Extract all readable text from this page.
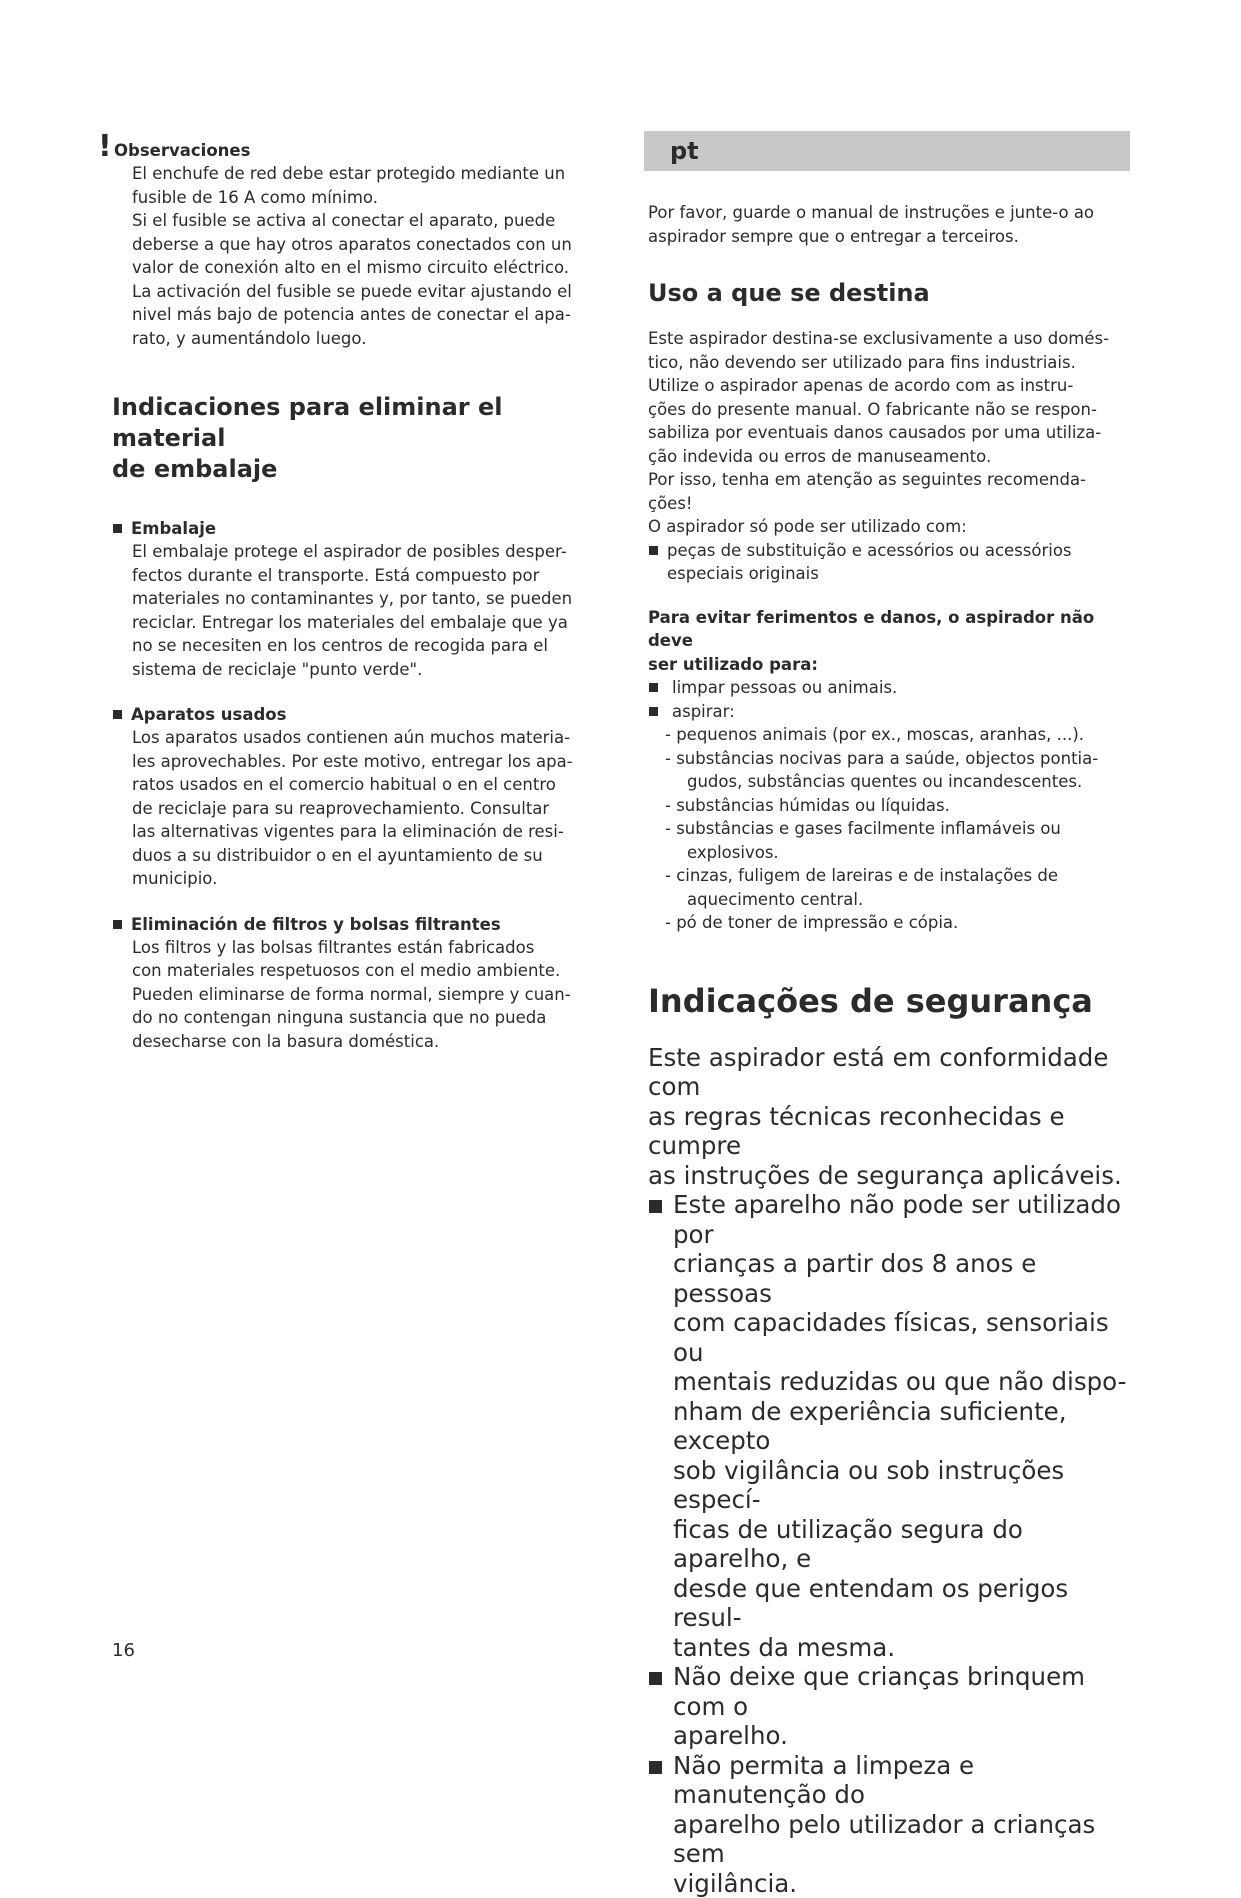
! Observaciones
El enchufe de red debe estar protegido mediante un
fusible de 16 A como mínimo.
Si el fusible se activa al conectar el aparato, puede
deberse a que hay otros aparatos conectados con un
valor de conexión alto en el mismo circuito eléctrico.
La activación del fusible se puede evitar ajustando el
nivel más bajo de potencia antes de conectar el apa-
rato, y aumentándolo luego.
Indicaciones para eliminar el material
de embalaje
Embalaje
El embalaje protege el aspirador de posibles desper-
fectos durante el transporte. Está compuesto por
materiales no contaminantes y, por tanto, se pueden
reciclar. Entregar los materiales del embalaje que ya
no se necesiten en los centros de recogida para el
sistema de reciclaje "punto verde".
Aparatos usados
Los aparatos usados contienen aún muchos materia-
les aprovechables. Por este motivo, entregar los apa-
ratos usados en el comercio habitual o en el centro
de reciclaje para su reaprovechamiento. Consultar
las alternativas vigentes para la eliminación de resi-
duos a su distribuidor o en el ayuntamiento de su
municipio.
Eliminación de filtros y bolsas filtrantes
Los filtros y las bolsas filtrantes están fabricados
con materiales respetuosos con el medio ambiente.
Pueden eliminarse de forma normal, siempre y cuan-
do no contengan ninguna sustancia que no pueda
desecharse con la basura doméstica.
pt
Por favor, guarde o manual de instruções e junte-o ao
aspirador sempre que o entregar a terceiros.
Uso a que se destina
Este aspirador destina-se exclusivamente a uso domés-
tico, não devendo ser utilizado para fins industriais.
Utilize o aspirador apenas de acordo com as instru-
ções do presente manual. O fabricante não se respon-
sabiliza por eventuais danos causados por uma utiliza-
ção indevida ou erros de manuseamento.
Por isso, tenha em atenção as seguintes recomenda-
ções!
O aspirador só pode ser utilizado com:
peças de substituição e acessórios ou acessórios
especiais originais
Para evitar ferimentos e danos, o aspirador não deve
ser utilizado para:
limpar pessoas ou animais.
aspirar:
- pequenos animais (por ex., moscas, aranhas, ...).
- substâncias nocivas para a saúde, objectos pontia-
gudos, substâncias quentes ou incandescentes.
- substâncias húmidas ou líquidas.
- substâncias e gases facilmente inflamáveis ou
explosivos.
- cinzas, fuligem de lareiras e de instalações de
aquecimento central.
- pó de toner de impressão e cópia.
Indicações de segurança
Este aspirador está em conformidade com
as regras técnicas reconhecidas e cumpre
as instruções de segurança aplicáveis.
Este aparelho não pode ser utilizado por
crianças a partir dos 8 anos e pessoas
com capacidades físicas, sensoriais ou
mentais reduzidas ou que não dispo-
nham de experiência suficiente, excepto
sob vigilância ou sob instruções especí-
ficas de utilização segura do aparelho, e
desde que entendam os perigos resul-
tantes da mesma.
Não deixe que crianças brinquem com o
aparelho.
Não permita a limpeza e manutenção do
aparelho pelo utilizador a crianças sem
vigilância.
16
